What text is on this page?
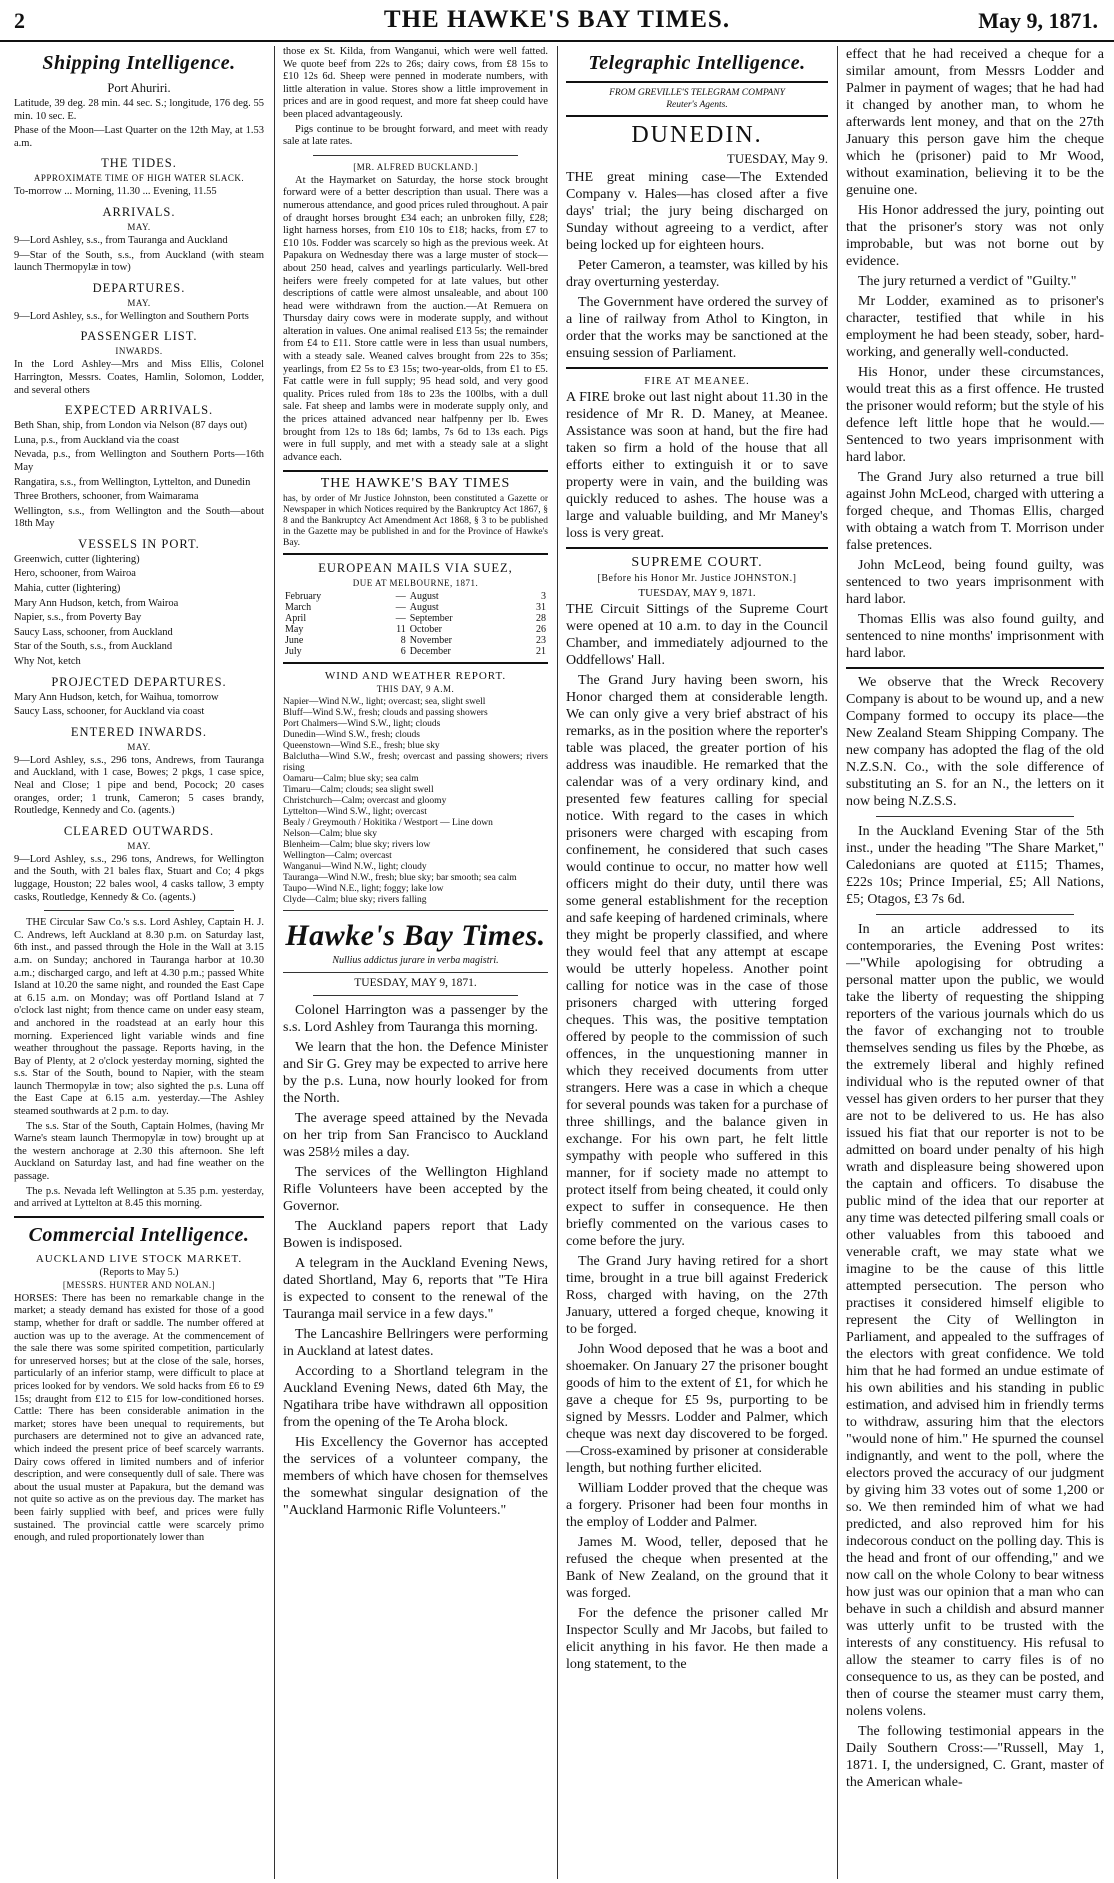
2	THE HAWKE'S BAY TIMES.	May 9, 1871.
Shipping Intelligence.
Port Ahuriri.

Latitude, 39 deg. 28 min. 44 sec. S.; longitude, 176 deg. 55 min. 10 sec. E.

Phase of the Moon—Last Quarter on the 12th May, at 1.53 a.m.

THE TIDES.
APPROXIMATE TIME OF HIGH WATER SLACK.

To-morrow ... Morning, 11.30 ... Evening, 11.55

ARRIVALS.
MAY.

9—Lord Ashley, s.s., from Tauranga and Auckland

9—Star of the South, s.s., from Auckland (with steam launch Thermopylæ in tow)

DEPARTURES.
MAY.

9—Lord Ashley, s.s., for Wellington and Southern Ports

PASSENGER LIST.
INWARDS.

In the Lord Ashley—Mrs and Miss Ellis, Colonel Harrington, Messrs. Coates, Hamlin, Solomon, Lodder, and several others

EXPECTED ARRIVALS.

Beth Shan, ship, from London via Nelson (87 days out)

Luna, p.s., from Auckland via the coast

Nevada, p.s., from Wellington and Southern Ports—16th May

Rangatira, s.s., from Wellington, Lyttelton, and Dunedin

Three Brothers, schooner, from Waimarama

Wellington, s.s., from Wellington and the South—about 18th May

VESSELS IN PORT.

Greenwich, cutter (lightering)

Hero, schooner, from Wairoa

Mahia, cutter (lightering)

Mary Ann Hudson, ketch, from Wairoa

Napier, s.s., from Poverty Bay

Saucy Lass, schooner, from Auckland

Star of the South, s.s., from Auckland

Why Not, ketch

PROJECTED DEPARTURES.

Mary Ann Hudson, ketch, for Waihua, tomorrow

Saucy Lass, schooner, for Auckland via coast

ENTERED INWARDS.
MAY.

9—Lord Ashley, s.s., 296 tons, Andrews, from Tauranga and Auckland, with 1 case, Bowes; 2 pkgs, 1 case spice, Neal and Close; 1 pipe and bend, Pocock; 20 cases oranges, order; 1 trunk, Cameron; 5 cases brandy, Routledge, Kennedy and Co. (agents.)

CLEARED OUTWARDS.
MAY.

9—Lord Ashley, s.s., 296 tons, Andrews, for Wellington and the South, with 21 bales flax, Stuart and Co; 4 pkgs luggage, Houston; 22 bales wool, 4 casks tallow, 3 empty casks, Routledge, Kennedy & Co. (agents.)

THE Circular Saw Co.'s s.s. Lord Ashley, Captain H. J. C. Andrews, left Auckland at 8.30 p.m. on Saturday last, 6th inst., and passed through the Hole in the Wall at 3.15 a.m. on Sunday; anchored in Tauranga harbor at 10.30 a.m.; discharged cargo, and left at 4.30 p.m.; passed White Island at 10.20 the same night, and rounded the East Cape at 6.15 a.m. on Monday; was off Portland Island at 7 o'clock last night; from thence came on under easy steam, and anchored in the roadstead at an early hour this morning. Experienced light variable winds and fine weather throughout the passage. Reports having, in the Bay of Plenty, at 2 o'clock yesterday morning, sighted the s.s. Star of the South, bound to Napier, with the steam launch Thermopylæ in tow; also sighted the p.s. Luna off the East Cape at 6.15 a.m. yesterday.—The Ashley steamed southwards at 2 p.m. to day.

The s.s. Star of the South, Captain Holmes, (having Mr Warne's steam launch Thermopylæ in tow) brought up at the western anchorage at 2.30 this afternoon. She left Auckland on Saturday last, and had fine weather on the passage.

The p.s. Nevada left Wellington at 5.35 p.m. yesterday, and arrived at Lyttelton at 8.45 this morning.

Commercial Intelligence.
AUCKLAND LIVE STOCK MARKET.
(Reports to May 5.)
[MESSRS. HUNTER AND NOLAN.]

HORSES: There has been no remarkable change in the market; a steady demand has existed for those of a good stamp, whether for draft or saddle. The number offered at auction was up to the average. At the commencement of the sale there was some spirited competition, particularly for unreserved horses; but at the close of the sale, horses, particularly of an inferior stamp, were difficult to place at prices looked for by vendors. We sold hacks from £6 to £9 15s; draught from £12 to £15 for low-conditioned horses. Cattle: There has been considerable animation in the market; stores have been unequal to requirements, but purchasers are determined not to give an advanced rate, which indeed the present price of beef scarcely warrants. Dairy cows offered in limited numbers and of inferior description, and were consequently dull of sale. There was about the usual muster at Papakura, but the demand was not quite so active as on the previous day. The market has been fairly supplied with beef, and prices were fully sustained. The provincial cattle were scarcely primo enough, and ruled proportionately lower than

those ex St. Kilda, from Wanganui, which were well fatted. We quote beef from 22s to 26s; dairy cows, from £8 15s to £10 12s 6d. Sheep were penned in moderate numbers, with little alteration in value. Stores show a little improvement in prices and are in good request, and more fat sheep could have been placed advantageously.

Pigs continue to be brought forward, and meet with ready sale at late rates.

[MR. ALFRED BUCKLAND.]

At the Haymarket on Saturday, the horse stock brought forward were of a better description than usual. There was a numerous attendance, and good prices ruled throughout. A pair of draught horses brought £34 each; an unbroken filly, £28; light harness horses, from £10 10s to £18; hacks, from £7 to £10 10s. Fodder was scarcely so high as the previous week. At Papakura on Wednesday there was a large muster of stock—about 250 head, calves and yearlings particularly. Well-bred heifers were freely competed for at late values, but other descriptions of cattle were almost unsaleable, and about 100 head were withdrawn from the auction.—At Remuera on Thursday dairy cows were in moderate supply, and without alteration in values. One animal realised £13 5s; the remainder from £4 to £11. Store cattle were in less than usual numbers, with a steady sale. Weaned calves brought from 22s to 35s; yearlings, from £2 5s to £3 15s; two-year-olds, from £1 to £5. Fat cattle were in full supply; 95 head sold, and very good quality. Prices ruled from 18s to 23s the 100lbs, with a dull sale. Fat sheep and lambs were in moderate supply only, and the prices attained advanced near halfpenny per lb. Ewes brought from 12s to 18s 6d; lambs, 7s 6d to 13s each. Pigs were in full supply, and met with a steady sale at a slight advance each.

THE HAWKE'S BAY TIMES

has, by order of Mr Justice Johnston, been constituted a Gazette or Newspaper in which Notices required by the Bankruptcy Act 1867, § 8 and the Bankruptcy Act Amendment Act 1868, § 3 to be published in the Gazette may be published in and for the Province of Hawke's Bay.

EUROPEAN MAILS VIA SUEZ,
DUE AT MELBOURNE, 1871.
February	—	August	3
March	—	August	31
April	—	September	28
May	11	October	26
June	8	November	23
July	6	December	21
WIND AND WEATHER REPORT.
THIS DAY, 9 A.M.

Napier—Wind N.W., light; overcast; sea, slight swell

Bluff—Wind S.W., fresh; clouds and passing showers

Port Chalmers—Wind S.W., light; clouds

Dunedin—Wind S.W., fresh; clouds

Queenstown—Wind S.E., fresh; blue sky

Balclutha—Wind S.W., fresh; overcast and passing showers; rivers rising

Oamaru—Calm; blue sky; sea calm

Timaru—Calm; clouds; sea slight swell

Christchurch—Calm; overcast and gloomy

Lyttelton—Wind S.W., light; overcast

Bealy / Greymouth / Hokitika / Westport — Line down

Nelson—Calm; blue sky

Blenheim—Calm; blue sky; rivers low

Wellington—Calm; overcast

Wanganui—Wind N.W., light; cloudy

Tauranga—Wind N.W., fresh; blue sky; bar smooth; sea calm

Taupo—Wind N.E., light; foggy; lake low

Clyde—Calm; blue sky; rivers falling

Hawke's Bay Times.
Nullius addictus jurare in verba magistri.
TUESDAY, MAY 9, 1871.

Colonel Harrington was a passenger by the s.s. Lord Ashley from Tauranga this morning.

We learn that the hon. the Defence Minister and Sir G. Grey may be expected to arrive here by the p.s. Luna, now hourly looked for from the North.

The average speed attained by the Nevada on her trip from San Francisco to Auckland was 258½ miles a day.

The services of the Wellington Highland Rifle Volunteers have been accepted by the Governor.

The Auckland papers report that Lady Bowen is indisposed.

A telegram in the Auckland Evening News, dated Shortland, May 6, reports that "Te Hira is expected to consent to the renewal of the Tauranga mail service in a few days."

The Lancashire Bellringers were performing in Auckland at latest dates.

According to a Shortland telegram in the Auckland Evening News, dated 6th May, the Ngatihara tribe have withdrawn all opposition from the opening of the Te Aroha block.

His Excellency the Governor has accepted the services of a volunteer company, the members of which have chosen for themselves the somewhat singular designation of the "Auckland Harmonic Rifle Volunteers."

Telegraphic Intelligence.
FROM GREVILLE'S TELEGRAM COMPANY
Reuter's Agents.
DUNEDIN.
TUESDAY, May 9.

THE great mining case—The Extended Company v. Hales—has closed after a five days' trial; the jury being discharged on Sunday without agreeing to a verdict, after being locked up for eighteen hours.

Peter Cameron, a teamster, was killed by his dray overturning yesterday.

The Government have ordered the survey of a line of railway from Athol to Kington, in order that the works may be sanctioned at the ensuing session of Parliament.

FIRE AT MEANEE.

A FIRE broke out last night about 11.30 in the residence of Mr R. D. Maney, at Meanee. Assistance was soon at hand, but the fire had taken so firm a hold of the house that all efforts either to extinguish it or to save property were in vain, and the building was quickly reduced to ashes. The house was a large and valuable building, and Mr Maney's loss is very great.

SUPREME COURT.
[Before his Honor Mr. Justice JOHNSTON.]
TUESDAY, MAY 9, 1871.

THE Circuit Sittings of the Supreme Court were opened at 10 a.m. to day in the Council Chamber, and immediately adjourned to the Oddfellows' Hall.

The Grand Jury having been sworn, his Honor charged them at considerable length. We can only give a very brief abstract of his remarks, as in the position where the reporter's table was placed, the greater portion of his address was inaudible. He remarked that the calendar was of a very ordinary kind, and presented few features calling for special notice. With regard to the cases in which prisoners were charged with escaping from confinement, he considered that such cases would continue to occur, no matter how well officers might do their duty, until there was some general establishment for the reception and safe keeping of hardened criminals, where they might be properly classified, and where they would feel that any attempt at escape would be utterly hopeless. Another point calling for notice was in the case of those prisoners charged with uttering forged cheques. This was, the positive temptation offered by people to the commission of such offences, in the unquestioning manner in which they received documents from utter strangers. Here was a case in which a cheque for several pounds was taken for a purchase of three shillings, and the balance given in exchange. For his own part, he felt little sympathy with people who suffered in this manner, for if society made no attempt to protect itself from being cheated, it could only expect to suffer in consequence. He then briefly commented on the various cases to come before the jury.

The Grand Jury having retired for a short time, brought in a true bill against Frederick Ross, charged with having, on the 27th January, uttered a forged cheque, knowing it to be forged.

John Wood deposed that he was a boot and shoemaker. On January 27 the prisoner bought goods of him to the extent of £1, for which he gave a cheque for £5 9s, purporting to be signed by Messrs. Lodder and Palmer, which cheque was next day discovered to be forged.—Cross-examined by prisoner at considerable length, but nothing further elicited.

William Lodder proved that the cheque was a forgery. Prisoner had been four months in the employ of Lodder and Palmer.

James M. Wood, teller, deposed that he refused the cheque when presented at the Bank of New Zealand, on the ground that it was forged.

For the defence the prisoner called Mr Inspector Scully and Mr Jacobs, but failed to elicit anything in his favor. He then made a long statement, to the

effect that he had received a cheque for a similar amount, from Messrs Lodder and Palmer in payment of wages; that he had had it changed by another man, to whom he afterwards lent money, and that on the 27th January this person gave him the cheque which he (prisoner) paid to Mr Wood, without examination, believing it to be the genuine one.

His Honor addressed the jury, pointing out that the prisoner's story was not only improbable, but was not borne out by evidence.

The jury returned a verdict of "Guilty."

Mr Lodder, examined as to prisoner's character, testified that while in his employment he had been steady, sober, hard-working, and generally well-conducted.

His Honor, under these circumstances, would treat this as a first offence. He trusted the prisoner would reform; but the style of his defence left little hope that he would.—Sentenced to two years imprisonment with hard labor.

The Grand Jury also returned a true bill against John McLeod, charged with uttering a forged cheque, and Thomas Ellis, charged with obtaing a watch from T. Morrison under false pretences.

John McLeod, being found guilty, was sentenced to two years imprisonment with hard labor.

Thomas Ellis was also found guilty, and sentenced to nine months' imprisonment with hard labor.

We observe that the Wreck Recovery Company is about to be wound up, and a new Company formed to occupy its place—the New Zealand Steam Shipping Company. The new company has adopted the flag of the old N.Z.S.N. Co., with the sole difference of substituting an S. for an N., the letters on it now being N.Z.S.S.

In the Auckland Evening Star of the 5th inst., under the heading "The Share Market," Caledonians are quoted at £115; Thames, £22s 10s; Prince Imperial, £5; All Nations, £5; Otagos, £3 7s 6d.

In an article addressed to its contemporaries, the Evening Post writes:—"While apologising for obtruding a personal matter upon the public, we would take the liberty of requesting the shipping reporters of the various journals which do us the favor of exchanging not to trouble themselves sending us files by the Phœbe, as the extremely liberal and highly refined individual who is the reputed owner of that vessel has given orders to her purser that they are not to be delivered to us. He has also issued his fiat that our reporter is not to be admitted on board under penalty of his high wrath and displeasure being showered upon the captain and officers. To disabuse the public mind of the idea that our reporter at any time was detected pilfering small coals or other valuables from this tabooed and venerable craft, we may state what we imagine to be the cause of this little attempted persecution. The person who practises it considered himself eligible to represent the City of Wellington in Parliament, and appealed to the suffrages of the electors with great confidence. We told him that he had formed an undue estimate of his own abilities and his standing in public estimation, and advised him in friendly terms to withdraw, assuring him that the electors "would none of him." He spurned the counsel indignantly, and went to the poll, where the electors proved the accuracy of our judgment by giving him 33 votes out of some 1,200 or so. We then reminded him of what we had predicted, and also reproved him for his indecorous conduct on the polling day. This is the head and front of our offending," and we now call on the whole Colony to bear witness how just was our opinion that a man who can behave in such a childish and absurd manner was utterly unfit to be trusted with the interests of any constituency. His refusal to allow the steamer to carry files is of no consequence to us, as they can be posted, and then of course the steamer must carry them, nolens volens.

The following testimonial appears in the Daily Southern Cross:—"Russell, May 1, 1871. I, the undersigned, C. Grant, master of the American whale-
